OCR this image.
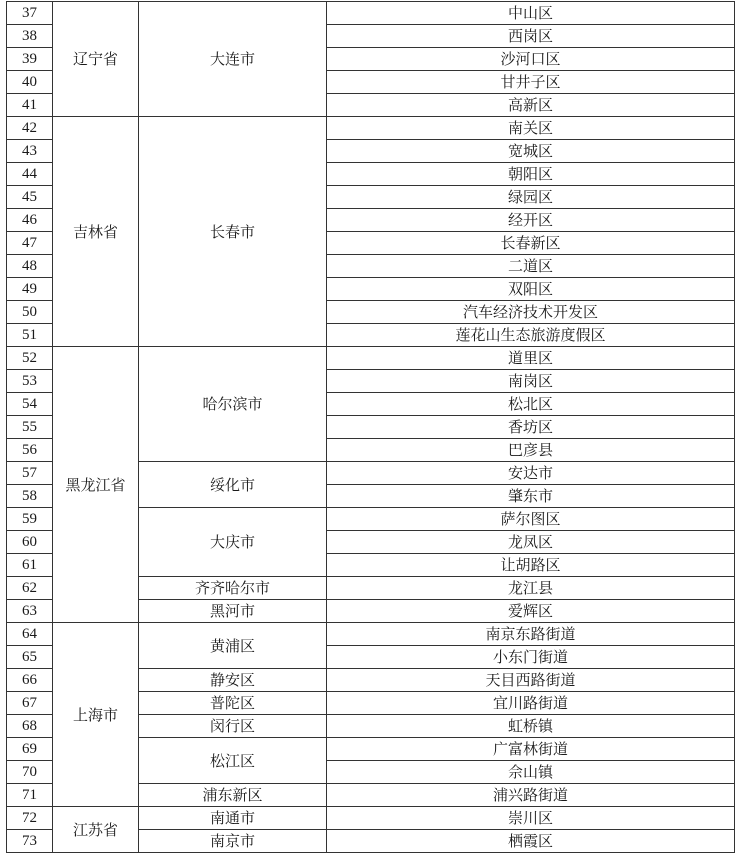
37	辽宁省	大连市	中山区
38			西岗区
39			沙河口区
40			甘井子区
41			高新区
42	吉林省	长春市	南关区
43			宽城区
44			朝阳区
45			绿园区
46			经开区
47			长春新区
48			二道区
49			双阳区
50			汽车经济技术开发区
51			莲花山生态旅游度假区
52	黑龙江省	哈尔滨市	道里区
53			南岗区
54			松北区
55			香坊区
56			巴彦县
57		绥化市	安达市
58			肇东市
59		大庆市	萨尔图区
60			龙凤区
61			让胡路区
62		齐齐哈尔市	龙江县
63		黑河市	爱辉区
64	上海市	黄浦区	南京东路街道
65			小东门街道
66		静安区	天目西路街道
67		普陀区	宜川路街道
68		闵行区	虹桥镇
69		松江区	广富林街道
70			佘山镇
71		浦东新区	浦兴路街道
72	江苏省	南通市	崇川区
73		南京市	栖霞区
